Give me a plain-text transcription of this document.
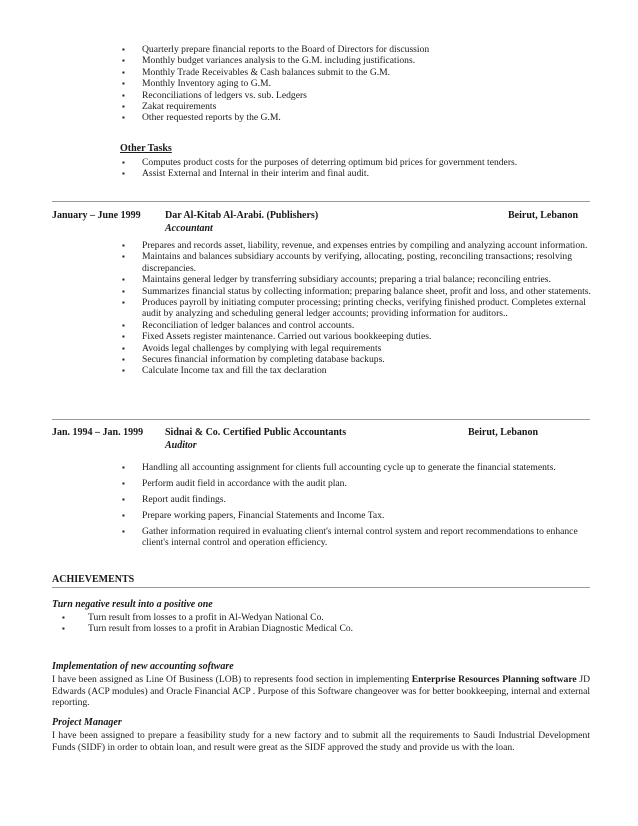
▪ Quarterly prepare financial reports to the Board of Directors for discussion
▪ Monthly budget variances analysis to the G.M. including justifications.
▪ Monthly Trade Receivables & Cash balances submit to the G.M.
▪ Monthly Inventory aging to G.M.
▪ Reconciliations of ledgers vs. sub. Ledgers
▪ Zakat requirements
▪ Other requested reports by the G.M.
Other Tasks
▪ Computes product costs for the purposes of deterring optimum bid prices for government tenders.
▪ Assist External and Internal in their interim and final audit.
January – June 1999 Dar Al-Kitab Al-Arabi. (Publishers)	Beirut, Lebanon
Accountant
▪ Prepares and records asset, liability, revenue, and expenses entries by compiling and analyzing account information.
▪ Maintains and balances subsidiary accounts by verifying, allocating, posting, reconciling transactions; resolving discrepancies.
▪ Maintains general ledger by transferring subsidiary accounts; preparing a trial balance; reconciling entries.
▪ Summarizes financial status by collecting information; preparing balance sheet, profit and loss, and other statements.
▪ Produces payroll by initiating computer processing; printing checks, verifying finished product. Completes external audit by analyzing and scheduling general ledger accounts; providing information for auditors..
▪ Reconciliation of ledger balances and control accounts.
▪ Fixed Assets register maintenance. Carried out various bookkeeping duties.
▪ Avoids legal challenges by complying with legal requirements
▪ Secures financial information by completing database backups.
▪ Calculate Income tax and fill the tax declaration
Jan. 1994 – Jan. 1999 Sidnai & Co. Certified Public Accountants	Beirut, Lebanon
Auditor
▪ Handling all accounting assignment for clients full accounting cycle up to generate the financial statements.
▪ Perform audit field in accordance with the audit plan.
▪ Report audit findings.
▪ Prepare working papers, Financial Statements and Income Tax.
▪ Gather information required in evaluating client's internal control system and report recommendations to enhance client's internal control and operation efficiency.
ACHIEVEMENTS
Turn negative result into a positive one
▪ Turn result from losses to a profit in Al-Wedyan National Co.
▪ Turn result from losses to a profit in Arabian Diagnostic Medical Co.
Implementation of new accounting software
I have been assigned as Line Of Business (LOB) to represents food section in implementing Enterprise Resources Planning software JD Edwards (ACP modules) and Oracle Financial ACP . Purpose of this Software changeover was for better bookkeeping, internal and external reporting.
Project Manager
I have been assigned to prepare a feasibility study for a new factory and to submit all the requirements to Saudi Industrial Development Funds (SIDF) in order to obtain loan, and result were great as the SIDF approved the study and provide us with the loan.
